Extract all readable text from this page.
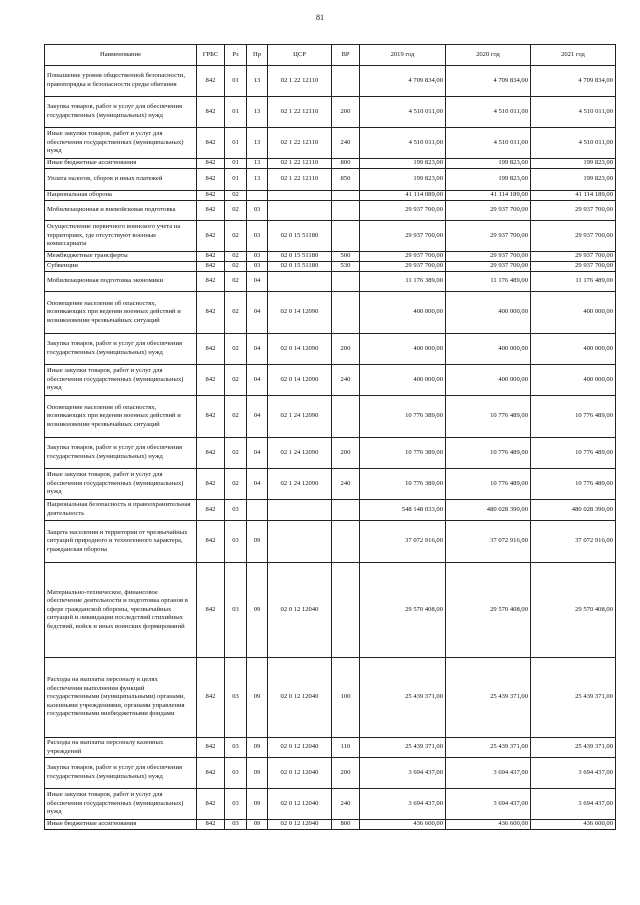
81
Наименование	ГРБС	Рз	Пр	ЦСР	ВР	2019 год	2020 год	2021 год
Повышение уровня общественной безопасности, правопорядка и безопасности среды обитания	842	01	13	02 1 22 12110		4 709 834,00	4 709 834,00	4 709 834,00
Закупка товаров, работ и услуг для обеспечения государственных (муниципальных) нужд	842	01	13	02 1 22 12110	200	4 510 011,00	4 510 011,00	4 510 011,00
Иные закупки товаров, работ и услуг для обеспечения государственных (муниципальных) нужд	842	01	13	02 1 22 12110	240	4 510 011,00	4 510 011,00	4 510 011,00
Иные бюджетные ассигнования	842	01	13	02 1 22 12110	800	199 823,00	199 823,00	199 823,00
Уплата налогов, сборов и иных платежей	842	01	13	02 1 22 12110	850	199 823,00	199 823,00	199 823,00
Национальная оборона	842	02				41 114 089,00	41 114 189,00	41 114 189,00
Мобилизационная и вневойсковая подготовка	842	02	03			29 937 700,00	29 937 700,00	29 937 700,00
Осуществление первичного воинского учета на территориях, где отсутствуют военные комиссариаты	842	02	03	02 0 15 51180		29 937 700,00	29 937 700,00	29 937 700,00
Межбюджетные трансферты	842	02	03	02 0 15 51180	500	29 937 700,00	29 937 700,00	29 937 700,00
Субвенции	842	02	03	02 0 15 51180	530	29 937 700,00	29 937 700,00	29 937 700,00
Мобилизационная подготовка экономики	842	02	04			11 176 389,00	11 176 489,00	11 176 489,00
Оповещение населения об опасностях, возникающих при ведении военных действий и возникновении чрезвычайных ситуаций	842	02	04	02 0 14 12090		400 000,00	400 000,00	400 000,00
Закупка товаров, работ и услуг для обеспечения государственных (муниципальных) нужд	842	02	04	02 0 14 12090	200	400 000,00	400 000,00	400 000,00
Иные закупки товаров, работ и услуг для обеспечения государственных (муниципальных) нужд	842	02	04	02 0 14 12090	240	400 000,00	400 000,00	400 000,00
Оповещение населения об опасностях, возникающих при ведении военных действий и возникновении чрезвычайных ситуаций	842	02	04	02 1 24 12090		10 776 389,00	10 776 489,00	10 776 489,00
Закупка товаров, работ и услуг для обеспечения государственных (муниципальных) нужд	842	02	04	02 1 24 12090	200	10 776 389,00	10 776 489,00	10 776 489,00
Иные закупки товаров, работ и услуг для обеспечения государственных (муниципальных) нужд	842	02	04	02 1 24 12090	240	10 776 389,00	10 776 489,00	10 776 489,00
Национальная безопасность и правоохранительная деятельность	842	03				548 148 033,00	480 028 390,00	480 028 390,00
Защита населения и территории от чрезвычайных ситуаций природного и техногенного характера, гражданская оборона	842	03	09			37 072 916,00	37 072 916,00	37 072 916,00
Материально-техническое, финансовое обеспечение деятельности и подготовка органов в сфере гражданской обороны, чрезвычайных ситуаций и ликвидации последствий стихийных бедствий, войск и иных воинских формирований	842	03	09	02 0 12 12040		29 570 408,00	29 570 408,00	29 570 408,00
Расходы на выплаты персоналу в целях обеспечения выполнения функций государственными (муниципальными) органами, казенными учреждениями, органами управления государственными внебюджетными фондами	842	03	09	02 0 12 12040	100	25 439 371,00	25 439 371,00	25 439 371,00
Расходы на выплаты персоналу казенных учреждений	842	03	09	02 0 12 12040	110	25 439 371,00	25 439 371,00	25 439 371,00
Закупка товаров, работ и услуг для обеспечения государственных (муниципальных) нужд	842	03	09	02 0 12 12040	200	3 694 437,00	3 694 437,00	3 694 437,00
Иные закупки товаров, работ и услуг для обеспечения государственных (муниципальных) нужд	842	03	09	02 0 12 12040	240	3 694 437,00	3 694 437,00	3 694 437,00
Иные бюджетные ассигнования	842	03	09	02 0 12 12040	800	436 600,00	436 600,00	436 600,00
